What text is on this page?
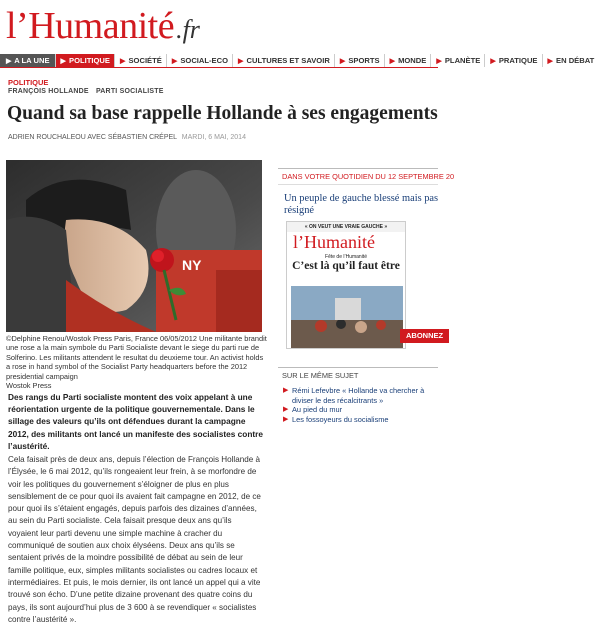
l’Humanité .fr
▶ A LA UNE	▶ POLITIQUE	▶ SOCIÉTÉ	▶ SOCIAL-ECO	▶ CULTURES ET SAVOIR	▶ SPORTS	▶ MONDE	▶ PLANÈTE	▶ PRATIQUE	▶ EN DÉBAT
POLITIQUE
FRANÇOIS HOLLANDE PARTI SOCIALISTE
Quand sa base rappelle Hollande à ses engagements
ADRIEN ROUCHALEOU AVEC SÉBASTIEN CRÉPEL MARDI, 6 MAI, 2014
NY
©Delphine Renou/Wostok Press Paris, France 06/05/2012 Une militante brandit une rose a la main symbole du Parti Socialiste devant le siege du parti rue de Solferino. Les militants attendent le resultat du deuxieme tour. An activist holds a rose in hand symbol of the Socialist Party headquarters before the 2012 presidential campaign
Wostok Press

Des rangs du Parti socialiste montent des voix appelant à une réorientation urgente de la politique gouvernementale. Dans le sillage des valeurs qu’ils ont défendues durant la campagne 2012, des militants ont lancé un manifeste des socialistes contre l’austérité.

Cela faisait près de deux ans, depuis l’élection de François Hollande à l’Élysée, le 6 mai 2012, qu’ils rongeaient leur frein, à se morfondre de voir les politiques du gouvernement s’éloigner de plus en plus sensiblement de ce pour quoi ils avaient fait campagne en 2012, de ce pour quoi ils s’étaient engagés, depuis parfois des dizaines d’années, au sein du Parti socialiste. Cela faisait presque deux ans qu’ils voyaient leur parti devenu une simple machine à cracher du communiqué de soutien aux choix élyséens. Deux ans qu’ils se sentaient privés de la moindre possibilité de débat au sein de leur famille politique, eux, simples militants socialistes ou cadres locaux et intermédiaires. Et puis, le mois dernier, ils ont lancé un appel qui a vite trouvé son écho. D’une petite dizaine provenant des quatre coins du pays, ils sont aujourd’hui plus de 3 600 à se revendiquer « socialistes contre l’austérité ».

DANS VOTRE QUOTIDIEN DU 12 SEPTEMBRE 20
Un peuple de gauche blessé mais pas
résigné
« ON VEUT UNE VRAIE GAUCHE »
l’Humanité
Fête de l’Humanité
C’est là qu’il faut être
ABONNEZ
SUR LE MÊME SUJET
▶ Rémi Lefevbre « Hollande va chercher à diviser le des récalcitrants »
▶ Au pied du mur
▶ Les fossoyeurs du socialisme
